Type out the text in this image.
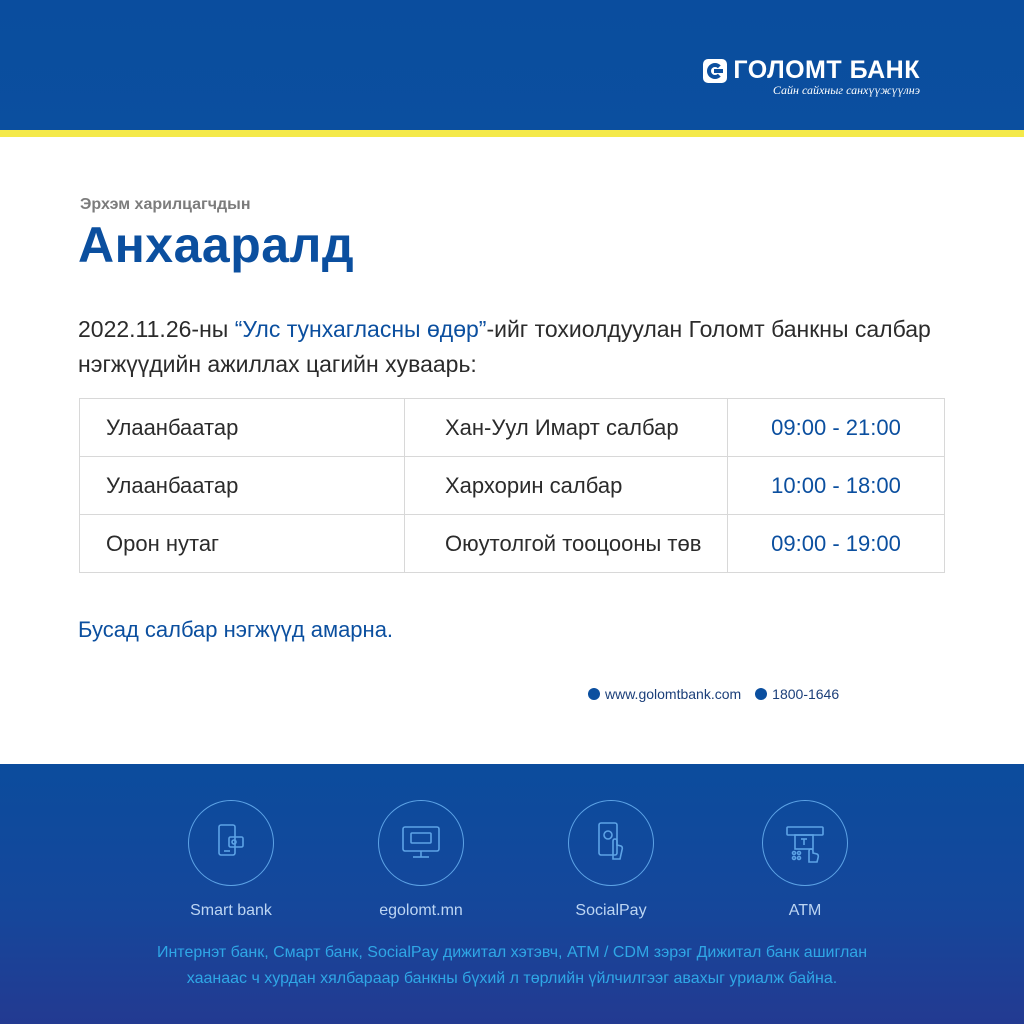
ГОЛОМТ БАНК
Сайн сайхныг санхүүжүүлнэ
Эрхэм харилцагчдын
Анхааралд
2022.11.26-ны “Улс тунхагласны өдөр”-ийг тохиолдуулан Голомт банкны салбар нэгжүүдийн ажиллах цагийн хуваарь:
Улаанбаатар	Хан-Уул Имарт салбар	09:00 - 21:00
Улаанбаатар	Хархорин салбар	10:00 - 18:00
Орон нутаг	Оюутолгой тооцооны төв	09:00 - 19:00
Бусад салбар нэгжүүд амарна.
www.golomtbank.com 1800-1646
Smart bank	egolomt.mn	SocialPay	ATM
Интернэт банк, Смарт банк, SocialPay дижитал хэтэвч, ATM / CDM зэрэг Дижитал банк ашиглан
хаанаас ч хурдан хялбараар банкны бүхий л төрлийн үйлчилгээг авахыг уриалж байна.
